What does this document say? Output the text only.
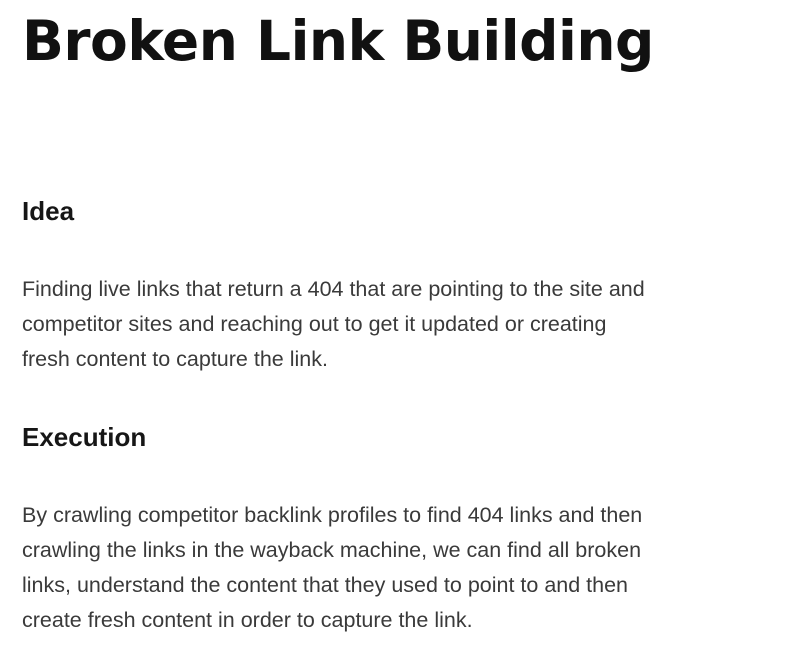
Broken Link Building
Idea

Finding live links that return a 404 that are pointing to the site and
competitor sites and reaching out to get it updated or creating
fresh content to capture the link.

Execution

By crawling competitor backlink profiles to find 404 links and then
crawling the links in the wayback machine, we can find all broken
links, understand the content that they used to point to and then
create fresh content in order to capture the link.
